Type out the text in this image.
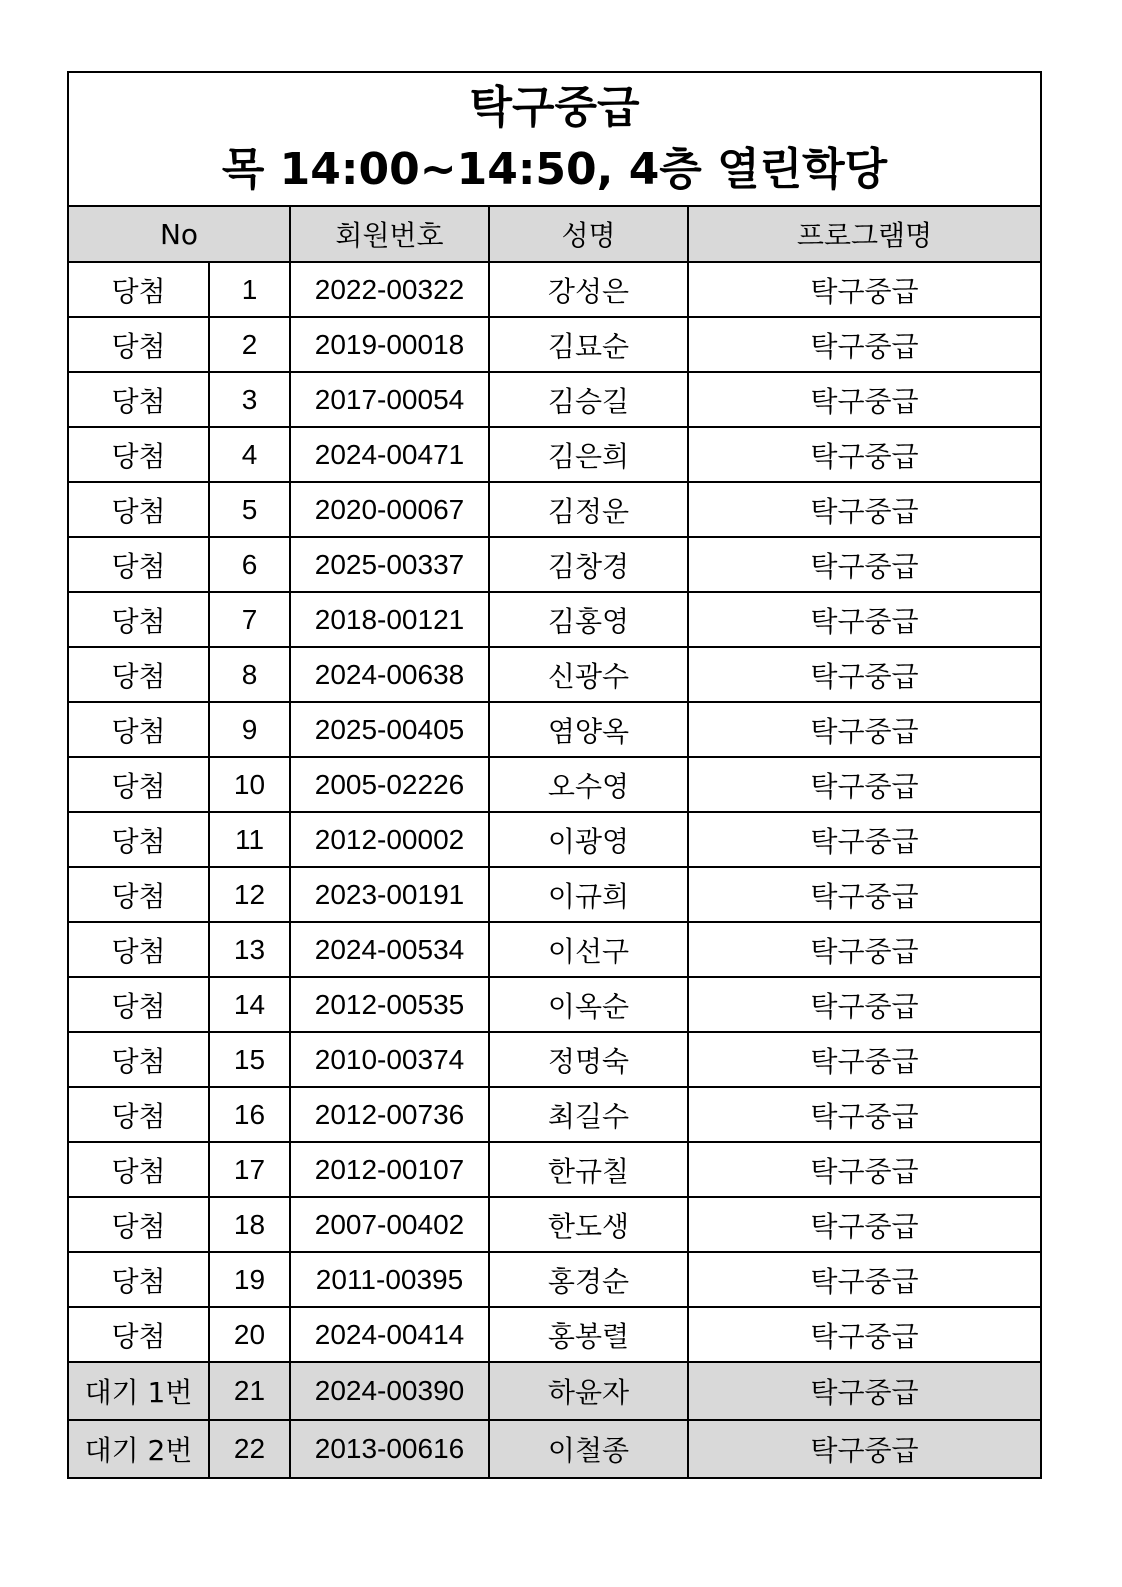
탁구중급
목 14:00~14:50, 4층 열린학당				

No		회원번호	성명	프로그램명
당첨	1	2022-00322	강성은	탁구중급
당첨	2	2019-00018	김묘순	탁구중급
당첨	3	2017-00054	김승길	탁구중급
당첨	4	2024-00471	김은희	탁구중급
당첨	5	2020-00067	김정운	탁구중급
당첨	6	2025-00337	김창경	탁구중급
당첨	7	2018-00121	김홍영	탁구중급
당첨	8	2024-00638	신광수	탁구중급
당첨	9	2025-00405	염양옥	탁구중급
당첨	10	2005-02226	오수영	탁구중급
당첨	11	2012-00002	이광영	탁구중급
당첨	12	2023-00191	이규희	탁구중급
당첨	13	2024-00534	이선구	탁구중급
당첨	14	2012-00535	이옥순	탁구중급
당첨	15	2010-00374	정명숙	탁구중급
당첨	16	2012-00736	최길수	탁구중급
당첨	17	2012-00107	한규칠	탁구중급
당첨	18	2007-00402	한도생	탁구중급
당첨	19	2011-00395	홍경순	탁구중급
당첨	20	2024-00414	홍봉렬	탁구중급
대기 1번	21	2024-00390	하윤자	탁구중급
대기 2번	22	2013-00616	이철종	탁구중급
